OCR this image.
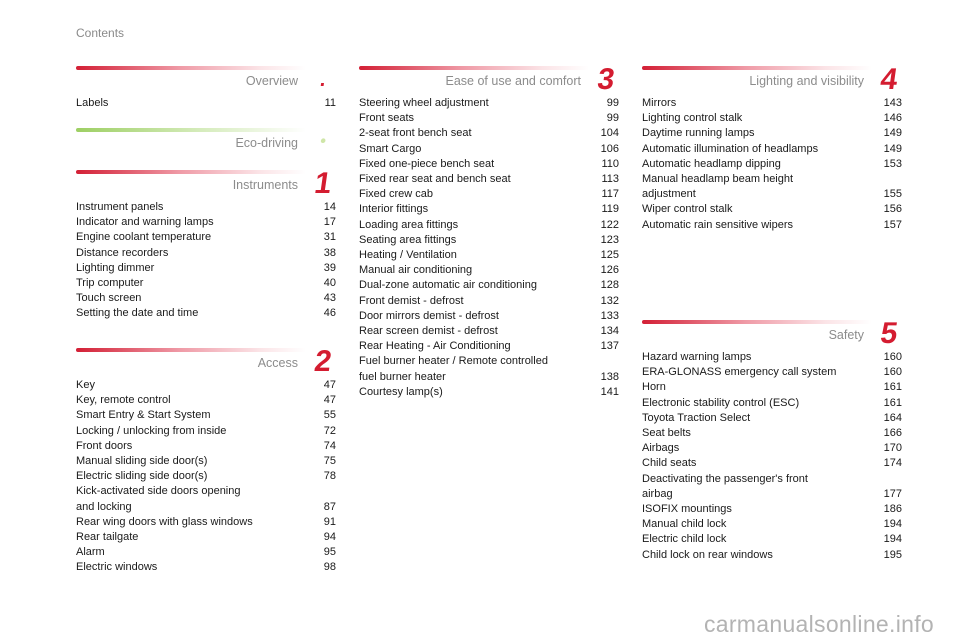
Contents
Overview	.
Labels	11
Eco-driving	•
Instruments 1
Instrument panels	14
Indicator and warning lamps	17
Engine coolant temperature	31
Distance recorders	38
Lighting dimmer	39
Trip computer	40
Touch screen	43
Setting the date and time	46
Access 2
Key	47
Key, remote control	47
Smart Entry & Start System	55
Locking / unlocking from inside	72
Front doors	74
Manual sliding side door(s)	75
Electric sliding side door(s)	78
Kick-activated side doors opening
and locking	87
Rear wing doors with glass windows	91
Rear tailgate	94
Alarm	95
Electric windows	98
Ease of use and comfort 3
Steering wheel adjustment	99
Front seats	99
2-seat front bench seat	104
Smart Cargo	106
Fixed one-piece bench seat	110
Fixed rear seat and bench seat	113
Fixed crew cab	117
Interior fittings	119
Loading area fittings	122
Seating area fittings	123
Heating / Ventilation	125
Manual air conditioning	126
Dual-zone automatic air conditioning	128
Front demist - defrost	132
Door mirrors demist - defrost	133
Rear screen demist - defrost	134
Rear Heating - Air Conditioning	137
Fuel burner heater / Remote controlled
fuel burner heater	138
Courtesy lamp(s)	141
Lighting and visibility 4
Mirrors	143
Lighting control stalk	146
Daytime running lamps	149
Automatic illumination of headlamps	149
Automatic headlamp dipping	153
Manual headlamp beam height
adjustment	155
Wiper control stalk	156
Automatic rain sensitive wipers	157
Safety 5
Hazard warning lamps	160
ERA-GLONASS emergency call system	160
Horn	161
Electronic stability control (ESC)	161
Toyota Traction Select	164
Seat belts	166
Airbags	170
Child seats	174
Deactivating the passenger's front
airbag	177
ISOFIX mountings	186
Manual child lock	194
Electric child lock	194
Child lock on rear windows	195
carmanualsonline.info
